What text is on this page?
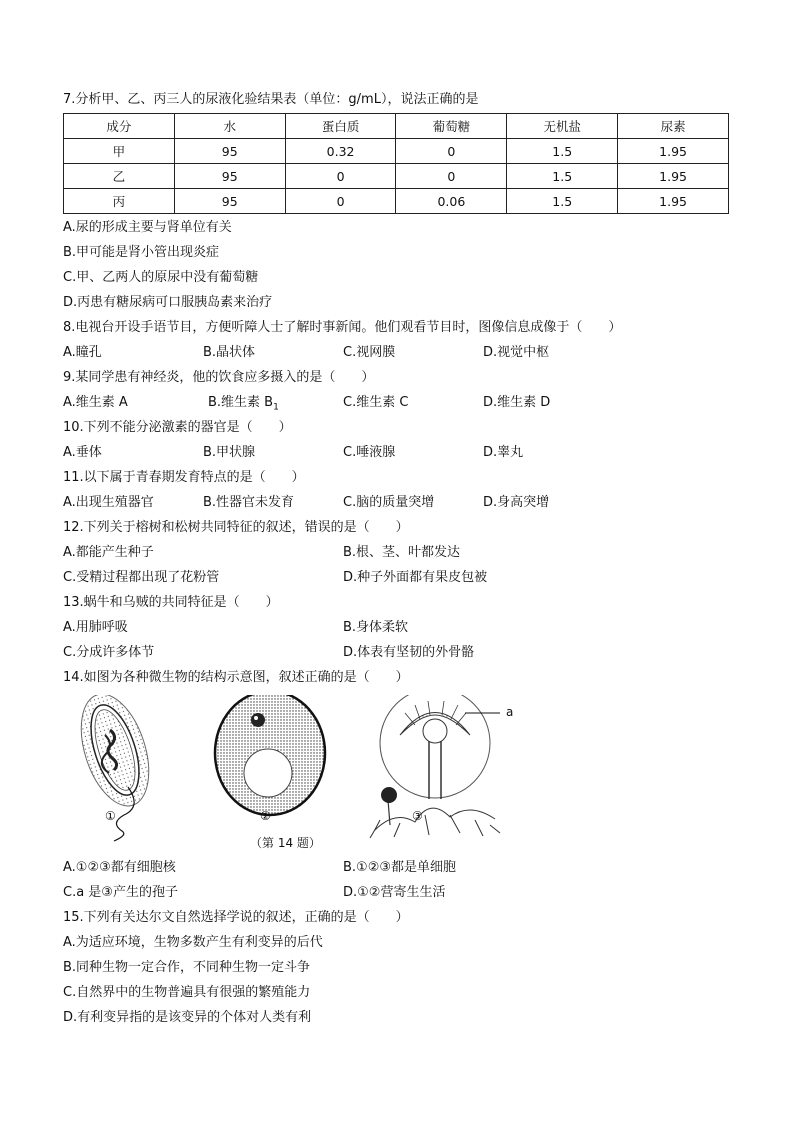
7.分析甲、乙、丙三人的尿液化验结果表（单位：g/mL），说法正确的是
成分	水	蛋白质	葡萄糖	无机盐	尿素
甲	95	0.32	0	1.5	1.95
乙	95	0	0	1.5	1.95
丙	95	0	0.06	1.5	1.95
A.尿的形成主要与肾单位有关
B.甲可能是肾小管出现炎症
C.甲、乙两人的原尿中没有葡萄糖
D.丙患有糖尿病可口服胰岛素来治疗
8.电视台开设手语节目，方便听障人士了解时事新闻。他们观看节目时，图像信息成像于（　　）
A.瞳孔	B.晶状体	C.视网膜	D.视觉中枢
9.某同学患有神经炎，他的饮食应多摄入的是（　　）
A.维生素 A	B.维生素 $B_1$	C.维生素 C	D.维生素 D
10.下列不能分泌激素的器官是（　　）
A.垂体	B.甲状腺	C.唾液腺	D.睾丸
11.以下属于青春期发育特点的是（　　）
A.出现生殖器官	B.性器官未发育	C.脑的质量突增	D.身高突增
12.下列关于榕树和松树共同特征的叙述，错误的是（　　）
A.都能产生种子	B.根、茎、叶都发达
C.受精过程都出现了花粉管	D.种子外面都有果皮包被
13.蜗牛和乌贼的共同特征是（　　）
A.用肺呼吸	B.身体柔软
C.分成许多体节	D.体表有坚韧的外骨骼
14.如图为各种微生物的结构示意图，叙述正确的是（　　）
a
①	②	③
（第 14 题）
A.①②③都有细胞核	B.①②③都是单细胞
C.a 是③产生的孢子	D.①②营寄生生活
15.下列有关达尔文自然选择学说的叙述，正确的是（　　）
A.为适应环境，生物多数产生有利变异的后代
B.同种生物一定合作，不同种生物一定斗争
C.自然界中的生物普遍具有很强的繁殖能力
D.有利变异指的是该变异的个体对人类有利
